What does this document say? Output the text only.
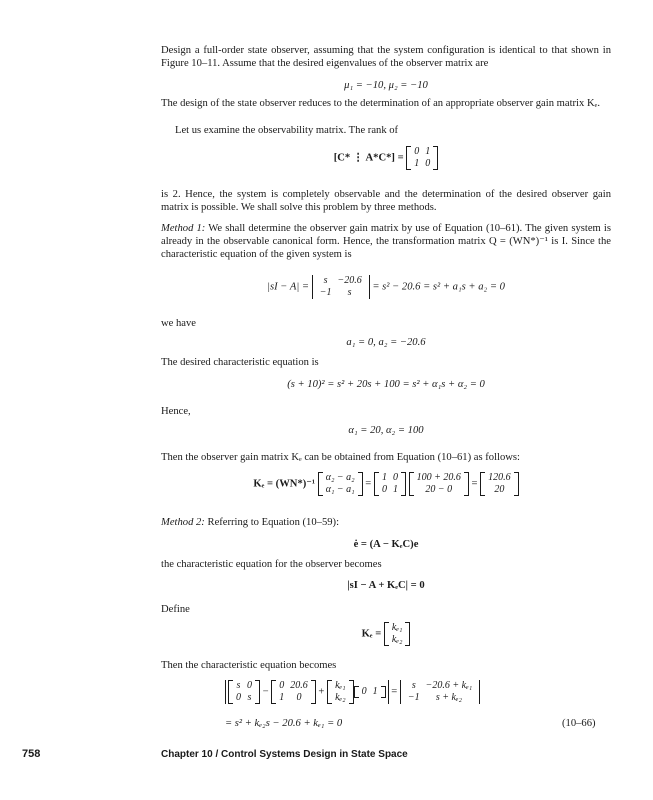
Design a full-order state observer, assuming that the system configuration is identical to that shown in Figure 10–11. Assume that the desired eigenvalues of the observer matrix are
μ₁ = −10, μ₂ = −10
The design of the state observer reduces to the determination of an appropriate observer gain matrix Kₑ.
Let us examine the observability matrix. The rank of
[C* ⋮ A*C*] =
0	1
1	0
is 2. Hence, the system is completely observable and the determination of the desired observer gain matrix is possible. We shall solve this problem by three methods.
Method 1: We shall determine the observer gain matrix by use of Equation (10–61). The given system is already in the observable canonical form. Hence, the transformation matrix Q = (WN*)⁻¹ is I. Since the characteristic equation of the given system is
|sI − A| =
s	−20.6
−1	s
= s² − 20.6 = s² + a₁s + a₂ = 0
we have
a₁ = 0, a₂ = −20.6
The desired characteristic equation is
(s + 10)² = s² + 20s + 100 = s² + α₁s + α₂ = 0
Hence,
α₁ = 20, α₂ = 100
Then the observer gain matrix Kₑ can be obtained from Equation (10–61) as follows:
Kₑ = (WN*)⁻¹
α₂ − a₂
α₁ − a₁
=
1	0
0	1

100 + 20.6
20 − 0
=
120.6
20
Method 2: Referring to Equation (10–59):
ė = (A − KₑC)e
the characteristic equation for the observer becomes
|sI − A + KₑC| = 0
Define
Kₑ =
kₑ₁
kₑ₂
Then the characteristic equation becomes
s	0
0	s
−
0	20.6
1	0
+
kₑ₁
kₑ₂
0	1 =
s	−20.6 + kₑ₁
−1	s + kₑ₂
= s² + kₑ₂s − 20.6 + kₑ₁ = 0	(10–66)
758	Chapter 10 / Control Systems Design in State Space
